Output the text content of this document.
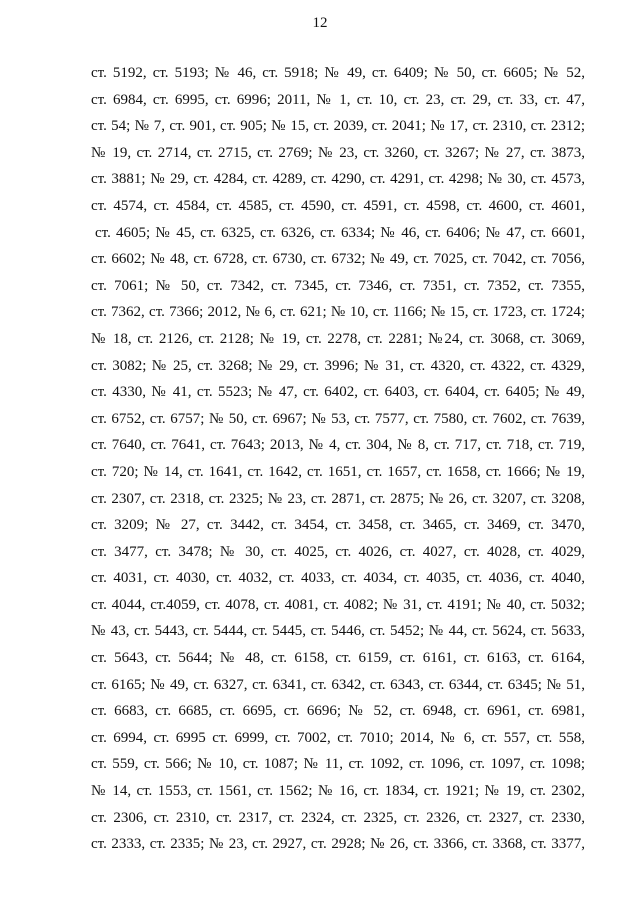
12
ст. 5192, ст. 5193; № 46, ст. 5918; № 49, ст. 6409; № 50, ст. 6605; № 52,
ст. 6984, ст. 6995, ст. 6996; 2011, № 1, ст. 10, ст. 23, ст. 29, ст. 33, ст. 47,
ст. 54; № 7, ст. 901, ст. 905; № 15, ст. 2039, ст. 2041; № 17, ст. 2310, ст. 2312;
№ 19, ст. 2714, ст. 2715, ст. 2769; № 23, ст. 3260, ст. 3267; № 27, ст. 3873,
ст. 3881; № 29, ст. 4284, ст. 4289, ст. 4290, ст. 4291, ст. 4298; № 30, ст. 4573,
ст. 4574, ст. 4584, ст. 4585, ст. 4590, ст. 4591, ст. 4598, ст. 4600, ст. 4601,
ст. 4605; № 45, ст. 6325, ст. 6326, ст. 6334; № 46, ст. 6406; № 47, ст. 6601,
ст. 6602; № 48, ст. 6728, ст. 6730, ст. 6732; № 49, ст. 7025, ст. 7042, ст. 7056,
ст. 7061; № 50, ст. 7342, ст. 7345, ст. 7346, ст. 7351, ст. 7352, ст. 7355,
ст. 7362, ст. 7366; 2012, № 6, ст. 621; № 10, ст. 1166; № 15, ст. 1723, ст. 1724;
№ 18, ст. 2126, ст. 2128; № 19, ст. 2278, ст. 2281; №24, ст. 3068, ст. 3069,
ст. 3082; № 25, ст. 3268; № 29, ст. 3996; № 31, ст. 4320, ст. 4322, ст. 4329,
ст. 4330, № 41, ст. 5523; № 47, ст. 6402, ст. 6403, ст. 6404, ст. 6405; № 49,
ст. 6752, ст. 6757; № 50, ст. 6967; № 53, ст. 7577, ст. 7580, ст. 7602, ст. 7639,
ст. 7640, ст. 7641, ст. 7643; 2013, № 4, ст. 304, № 8, ст. 717, ст. 718, ст. 719,
ст. 720; № 14, ст. 1641, ст. 1642, ст. 1651, ст. 1657, ст. 1658, ст. 1666; № 19,
ст. 2307, ст. 2318, ст. 2325; № 23, ст. 2871, ст. 2875; № 26, ст. 3207, ст. 3208,
ст. 3209; № 27, ст. 3442, ст. 3454, ст. 3458, ст. 3465, ст. 3469, ст. 3470,
ст. 3477, ст. 3478; № 30, ст. 4025, ст. 4026, ст. 4027, ст. 4028, ст. 4029,
ст. 4031, ст. 4030, ст. 4032, ст. 4033, ст. 4034, ст. 4035, ст. 4036, ст. 4040,
ст. 4044, ст.4059, ст. 4078, ст. 4081, ст. 4082; № 31, ст. 4191; № 40, ст. 5032;
№ 43, ст. 5443, ст. 5444, ст. 5445, ст. 5446, ст. 5452; № 44, ст. 5624, ст. 5633,
ст. 5643, ст. 5644; № 48, ст. 6158, ст. 6159, ст. 6161, ст. 6163, ст. 6164,
ст. 6165; № 49, ст. 6327, ст. 6341, ст. 6342, ст. 6343, ст. 6344, ст. 6345; № 51,
ст. 6683, ст. 6685, ст. 6695, ст. 6696; № 52, ст. 6948, ст. 6961, ст. 6981,
ст. 6994, ст. 6995 ст. 6999, ст. 7002, ст. 7010; 2014, № 6, ст. 557, ст. 558,
ст. 559, ст. 566; № 10, ст. 1087; № 11, ст. 1092, ст. 1096, ст. 1097, ст. 1098;
№ 14, ст. 1553, ст. 1561, ст. 1562; № 16, ст. 1834, ст. 1921; № 19, ст. 2302,
ст. 2306, ст. 2310, ст. 2317, ст. 2324, ст. 2325, ст. 2326, ст. 2327, ст. 2330,
ст. 2333, ст. 2335; № 23, ст. 2927, ст. 2928; № 26, ст. 3366, ст. 3368, ст. 3377,
